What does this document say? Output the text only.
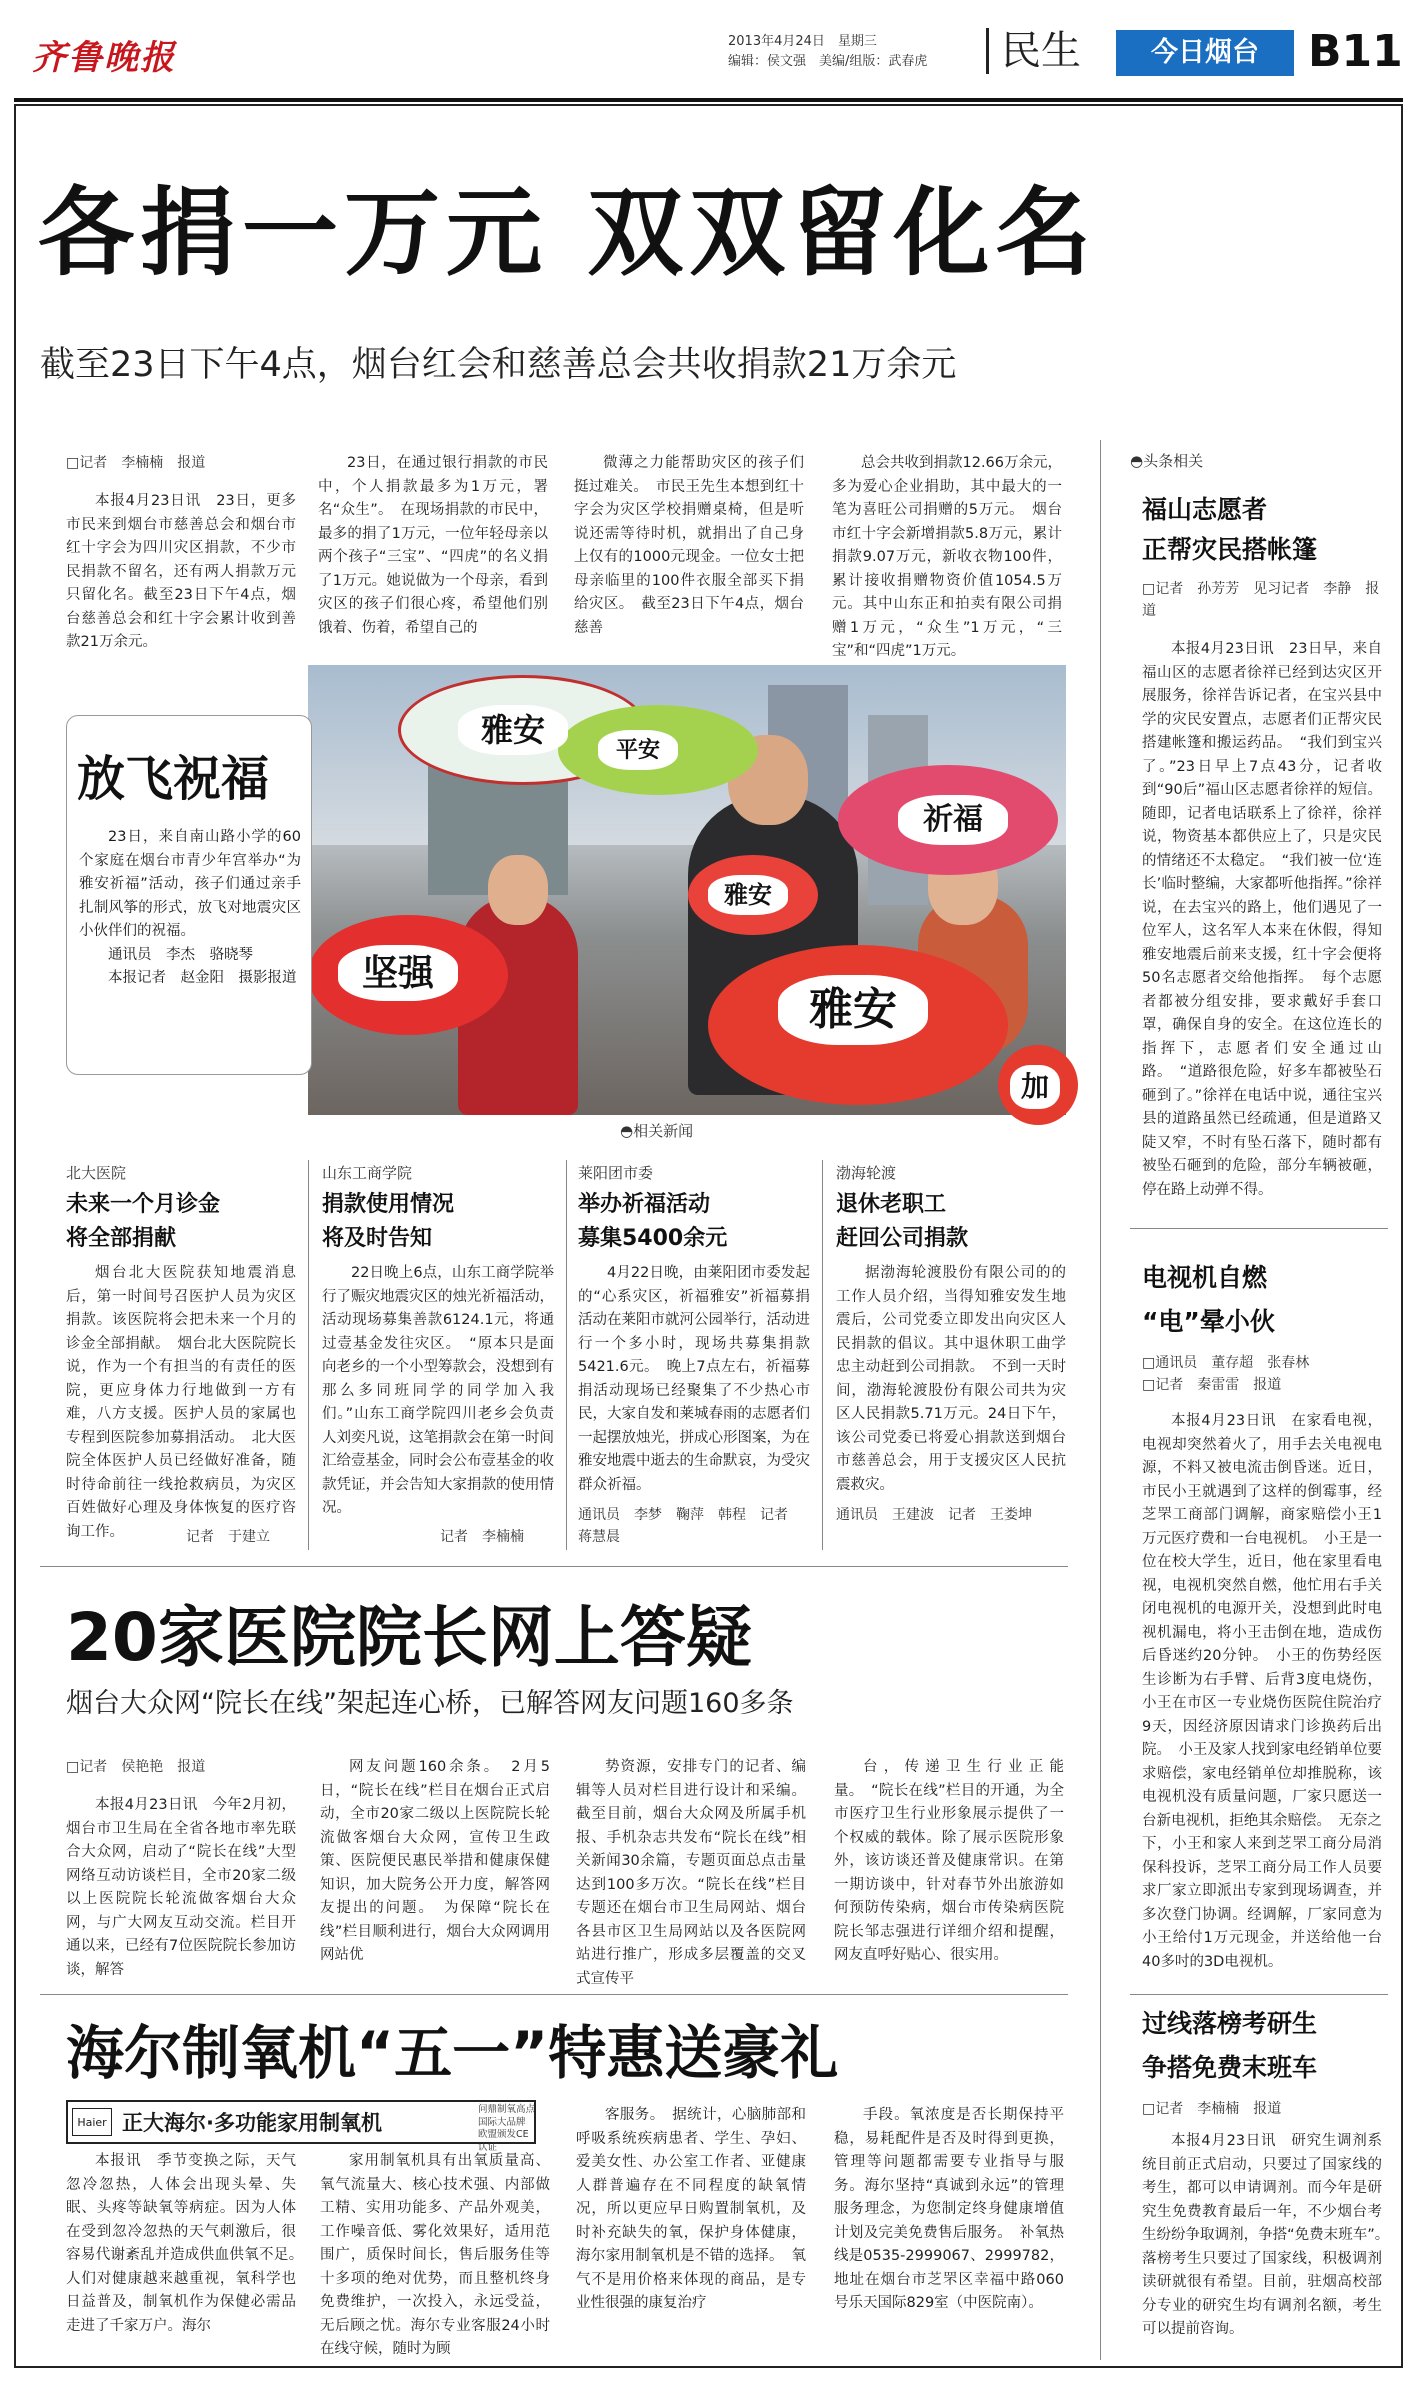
齐鲁晚报	2013年4月24日　星期三
编辑：侯文强　美编/组版：武春虎	民生	今日烟台	B11
各捐一万元 双双留化名
截至23日下午4点，烟台红会和慈善总会共收捐款21万余元
□记者　李楠楠　报道

本报4月23日讯　23日，更多市民来到烟台市慈善总会和烟台市红十字会为四川灾区捐款，不少市民捐款不留名，还有两人捐款万元只留化名。截至23日下午4点，烟台慈善总会和红十字会累计收到善款21万余元。

23日，在通过银行捐款的市民中，个人捐款最多为1万元，署名“众生”。　在现场捐款的市民中，最多的捐了1万元，一位年轻母亲以两个孩子“三宝”、“四虎”的名义捐了1万元。她说做为一个母亲，看到灾区的孩子们很心疼，希望他们别饿着、伤着，希望自己的

微薄之力能帮助灾区的孩子们挺过难关。　市民王先生本想到红十字会为灾区学校捐赠桌椅，但是听说还需等待时机，就捐出了自己身上仅有的1000元现金。一位女士把母亲临里的100件衣服全部买下捐给灾区。　截至23日下午4点，烟台慈善

总会共收到捐款12.66万余元，多为爱心企业捐助，其中最大的一笔为喜旺公司捐赠的5万元。　烟台市红十字会新增捐款5.8万元，累计捐款9.07万元，新收衣物100件，累计接收捐赠物资价值1054.5万元。其中山东正和拍卖有限公司捐赠1万元，“众生”1万元，“三宝”和“四虎”1万元。

雅安
平安
祈福
雅安
坚强
雅安
加
放飞祝福

23日，来自南山路小学的60个家庭在烟台市青少年宫举办“为雅安祈福”活动，孩子们通过亲手扎制风筝的形式，放飞对地震灾区小伙伴们的祝福。

通讯员　李杰　骆晓琴

本报记者　赵金阳　摄影报道

◓相关新闻
北大医院
未来一个月诊金
将全部捐献

烟台北大医院获知地震消息后，第一时间号召医护人员为灾区捐款。该医院将会把未来一个月的诊金全部捐献。　烟台北大医院院长说，作为一个有担当的有责任的医院，更应身体力行地做到一方有难，八方支援。医护人员的家属也专程到医院参加募捐活动。　北大医院全体医护人员已经做好准备，随时待命前往一线抢救病员，为灾区百姓做好心理及身体恢复的医疗咨询工作。	记者　于建立
山东工商学院
捐款使用情况
将及时告知

22日晚上6点，山东工商学院举行了赈灾地震灾区的烛光祈福活动，活动现场募集善款6124.1元，将通过壹基金发往灾区。　“原本只是面向老乡的一个小型筹款会，没想到有那么多同班同学的同学加入我们。”山东工商学院四川老乡会负责人刘奕凡说，这笔捐款会在第一时间汇给壹基金，同时会公布壹基金的收款凭证，并会告知大家捐款的使用情况。

记者　李楠楠
莱阳团市委
举办祈福活动
募集5400余元

4月22日晚，由莱阳团市委发起的“心系灾区，祈福雅安”祈福募捐活动在莱阳市就河公园举行，活动进行一个多小时，现场共募集捐款5421.6元。　晚上7点左右，祈福募捐活动现场已经聚集了不少热心市民，大家自发和莱城春雨的志愿者们一起摆放烛光，拼成心形图案，为在雅安地震中逝去的生命默哀，为受灾群众祈福。

通讯员　李梦　鞠萍　韩程　记者　蒋慧晨
渤海轮渡
退休老职工
赶回公司捐款

据渤海轮渡股份有限公司的的工作人员介绍，当得知雅安发生地震后，公司党委立即发出向灾区人民捐款的倡议。其中退休职工曲学忠主动赶到公司捐款。　不到一天时间，渤海轮渡股份有限公司共为灾区人民捐款5.71万元。24日下午，该公司党委已将爱心捐款送到烟台市慈善总会，用于支援灾区人民抗震救灾。

通讯员　王建波　记者　王娄坤
20家医院院长网上答疑
烟台大众网“院长在线”架起连心桥，已解答网友问题160多条
□记者　侯艳艳　报道

本报4月23日讯　今年2月初，烟台市卫生局在全省各地市率先联合大众网，启动了“院长在线”大型网络互动访谈栏目，全市20家二级以上医院院长轮流做客烟台大众网，与广大网友互动交流。栏目开通以来，已经有7位医院院长参加访谈，解答

网友问题160余条。　2月5日，“院长在线”栏目在烟台正式启动，全市20家二级以上医院院长轮流做客烟台大众网，宣传卫生政策、医院便民惠民举措和健康保健知识，加大院务公开力度，解答网友提出的问题。　为保障“院长在线”栏目顺利进行，烟台大众网调用网站优

势资源，安排专门的记者、编辑等人员对栏目进行设计和采编。截至目前，烟台大众网及所属手机报、手机杂志共发布“院长在线”相关新闻30余篇，专题页面总点击量达到100多万次。“院长在线”栏目专题还在烟台市卫生局网站、烟台各县市区卫生局网站以及各医院网站进行推广，形成多层覆盖的交叉式宣传平

台，传递卫生行业正能量。　“院长在线”栏目的开通，为全市医疗卫生行业形象展示提供了一个权威的载体。除了展示医院形象外，该访谈还普及健康常识。在第一期访谈中，针对春节外出旅游如何预防传染病，烟台市传染病医院院长邹志强进行详细介绍和提醒，网友直呼好贴心、很实用。

海尔制氧机“五一”特惠送豪礼
Haier 正大海尔·多功能家用制氧机
问鼎制氧高点 国际大品牌 欧盟颁发CE认证

本报讯　季节变换之际，天气忽冷忽热，人体会出现头晕、失眠、头疼等缺氧等病症。因为人体在受到忽冷忽热的天气刺激后，很容易代谢紊乱并造成供血供氧不足。　人们对健康越来越重视，氧科学也日益普及，制氧机作为保健必需品走进了千家万户。海尔

家用制氧机具有出氧质量高、氧气流量大、核心技术强、内部做工精、实用功能多、产品外观美，工作噪音低、雾化效果好，适用范围广，质保时间长，售后服务佳等十多项的绝对优势，而且整机终身免费维护，一次投入，永远受益，无后顾之忧。海尔专业客服24小时在线守候，随时为顾

客服务。　据统计，心脑肺部和呼吸系统疾病患者、学生、孕妇、爱美女性、办公室工作者、亚健康人群普遍存在不同程度的缺氧情况，所以更应早日购置制氧机，及时补充缺失的氧，保护身体健康，海尔家用制氧机是不错的选择。　氧气不是用价格来体现的商品，是专业性很强的康复治疗

手段。氧浓度是否长期保持平稳，易耗配件是否及时得到更换，管理等问题都需要专业指导与服务。海尔坚持“真诚到永远”的管理服务理念，为您制定终身健康增值计划及完美免费售后服务。　补氧热线是0535-2999067、2999782，地址在烟台市芝罘区幸福中路060号乐天国际829室（中医院南）。

◓头条相关
福山志愿者
正帮灾民搭帐篷
□记者　孙芳芳　见习记者　李静　报道

本报4月23日讯　23日早，来自福山区的志愿者徐祥已经到达灾区开展服务，徐祥告诉记者，在宝兴县中学的灾民安置点，志愿者们正帮灾民搭建帐篷和搬运药品。　“我们到宝兴了。”23日早上7点43分，记者收到“90后”福山区志愿者徐祥的短信。随即，记者电话联系上了徐祥，徐祥说，物资基本都供应上了，只是灾民的情绪还不太稳定。　“我们被一位‘连长’临时整编，大家都听他指挥。”徐祥说，在去宝兴的路上，他们遇见了一位军人，这名军人本来在休假，得知雅安地震后前来支援，红十字会便将50名志愿者交给他指挥。　每个志愿者都被分组安排，要求戴好手套口罩，确保自身的安全。在这位连长的指挥下，志愿者们安全通过山路。　“道路很危险，好多车都被坠石砸到了。”徐祥在电话中说，通往宝兴县的道路虽然已经疏通，但是道路又陡又窄，不时有坠石落下，随时都有被坠石砸到的危险，部分车辆被砸，停在路上动弹不得。

电视机自燃
“电”晕小伙
□通讯员　董存超　张春林
□记者　秦雷雷　报道

本报4月23日讯　在家看电视，电视却突然着火了，用手去关电视电源，不料又被电流击倒昏迷。近日，市民小王就遇到了这样的倒霉事，经芝罘工商部门调解，商家赔偿小王1万元医疗费和一台电视机。　小王是一位在校大学生，近日，他在家里看电视，电视机突然自燃，他忙用右手关闭电视机的电源开关，没想到此时电视机漏电，将小王击倒在地，造成伤后昏迷约20分钟。　小王的伤势经医生诊断为右手臂、后背3度电烧伤，小王在市区一专业烧伤医院住院治疗9天，因经济原因请求门诊换药后出院。　小王及家人找到家电经销单位要求赔偿，家电经销单位却推脱称，该电视机没有质量问题，厂家只愿送一台新电视机，拒绝其余赔偿。　无奈之下，小王和家人来到芝罘工商分局消保科投诉，芝罘工商分局工作人员要求厂家立即派出专家到现场调查，并多次登门协调。经调解，厂家同意为小王给付1万元现金，并送给他一台40多吋的3D电视机。

过线落榜考研生
争搭免费末班车
□记者　李楠楠　报道

本报4月23日讯　研究生调剂系统目前正式启动，只要过了国家线的考生，都可以申请调剂。而今年是研究生免费教育最后一年，不少烟台考生纷纷争取调剂，争搭“免费末班车”。　落榜考生只要过了国家线，积极调剂读研就很有希望。目前，驻烟高校部分专业的研究生均有调剂名额，考生可以提前咨询。
